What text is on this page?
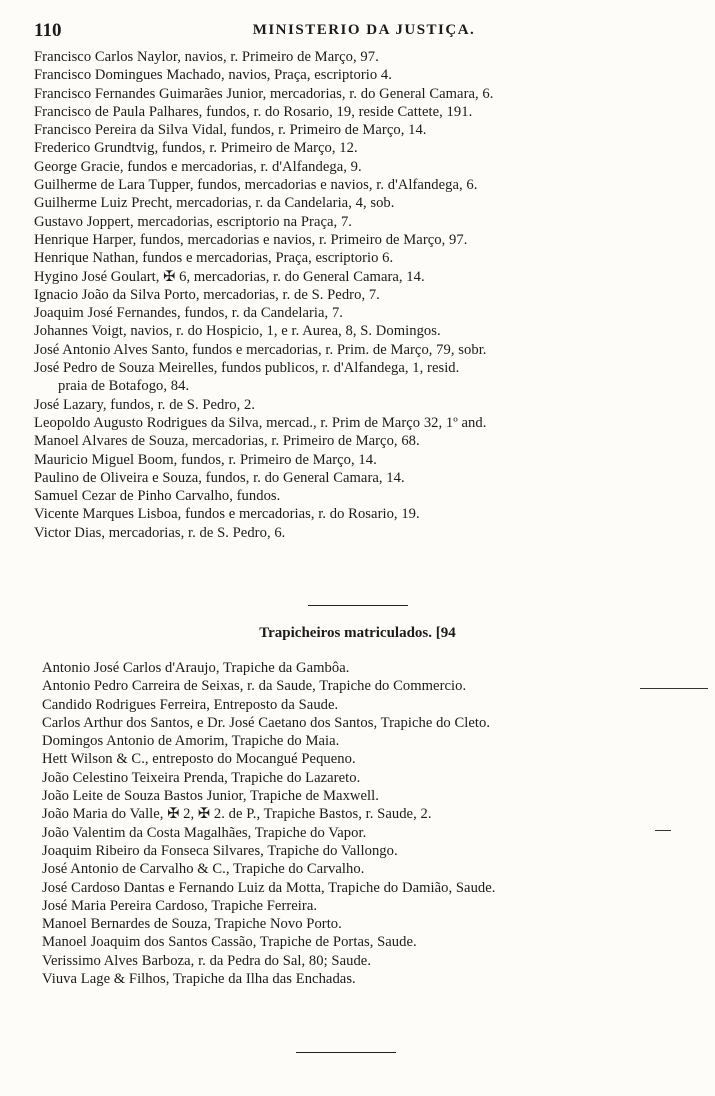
110	MINISTERIO DA JUSTIÇA.
Francisco Carlos Naylor, navios, r. Primeiro de Março, 97.
Francisco Domingues Machado, navios, Praça, escriptorio 4.
Francisco Fernandes Guimarães Junior, mercadorias, r. do General Camara, 6.
Francisco de Paula Palhares, fundos, r. do Rosario, 19, reside Cattete, 191.
Francisco Pereira da Silva Vidal, fundos, r. Primeiro de Março, 14.
Frederico Grundtvig, fundos, r. Primeiro de Março, 12.
George Gracie, fundos e mercadorias, r. d'Alfandega, 9.
Guilherme de Lara Tupper, fundos, mercadorias e navios, r. d'Alfandega, 6.
Guilherme Luiz Precht, mercadorias, r. da Candelaria, 4, sob.
Gustavo Joppert, mercadorias, escriptorio na Praça, 7.
Henrique Harper, fundos, mercadorias e navios, r. Primeiro de Março, 97.
Henrique Nathan, fundos e mercadorias, Praça, escriptorio 6.
Hygino José Goulart, ✠ 6, mercadorias, r. do General Camara, 14.
Ignacio João da Silva Porto, mercadorias, r. de S. Pedro, 7.
Joaquim José Fernandes, fundos, r. da Candelaria, 7.
Johannes Voigt, navios, r. do Hospicio, 1, e r. Aurea, 8, S. Domingos.
José Antonio Alves Santo, fundos e mercadorias, r. Prim. de Março, 79, sobr.
José Pedro de Souza Meirelles, fundos publicos, r. d'Alfandega, 1, resid.
praia de Botafogo, 84.
José Lazary, fundos, r. de S. Pedro, 2.
Leopoldo Augusto Rodrigues da Silva, mercad., r. Prim de Março 32, 1º and.
Manoel Alvares de Souza, mercadorias, r. Primeiro de Março, 68.
Mauricio Miguel Boom, fundos, r. Primeiro de Março, 14.
Paulino de Oliveira e Souza, fundos, r. do General Camara, 14.
Samuel Cezar de Pinho Carvalho, fundos.
Vicente Marques Lisboa, fundos e mercadorias, r. do Rosario, 19.
Victor Dias, mercadorias, r. de S. Pedro, 6.
Trapicheiros matriculados. [94
Antonio José Carlos d'Araujo, Trapiche da Gambôa.
Antonio Pedro Carreira de Seixas, r. da Saude, Trapiche do Commercio.
Candido Rodrigues Ferreira, Entreposto da Saude.
Carlos Arthur dos Santos, e Dr. José Caetano dos Santos, Trapiche do Cleto.
Domingos Antonio de Amorim, Trapiche do Maia.
Hett Wilson & C., entreposto do Mocangué Pequeno.
João Celestino Teixeira Prenda, Trapiche do Lazareto.
João Leite de Souza Bastos Junior, Trapiche de Maxwell.
João Maria do Valle, ✠ 2, ✠ 2. de P., Trapiche Bastos, r. Saude, 2.
João Valentim da Costa Magalhães, Trapiche do Vapor.
Joaquim Ribeiro da Fonseca Silvares, Trapiche do Vallongo.
José Antonio de Carvalho & C., Trapiche do Carvalho.
José Cardoso Dantas e Fernando Luiz da Motta, Trapiche do Damião, Saude.
José Maria Pereira Cardoso, Trapiche Ferreira.
Manoel Bernardes de Souza, Trapiche Novo Porto.
Manoel Joaquim dos Santos Cassão, Trapiche de Portas, Saude.
Verissimo Alves Barboza, r. da Pedra do Sal, 80; Saude.
Viuva Lage & Filhos, Trapiche da Ilha das Enchadas.
